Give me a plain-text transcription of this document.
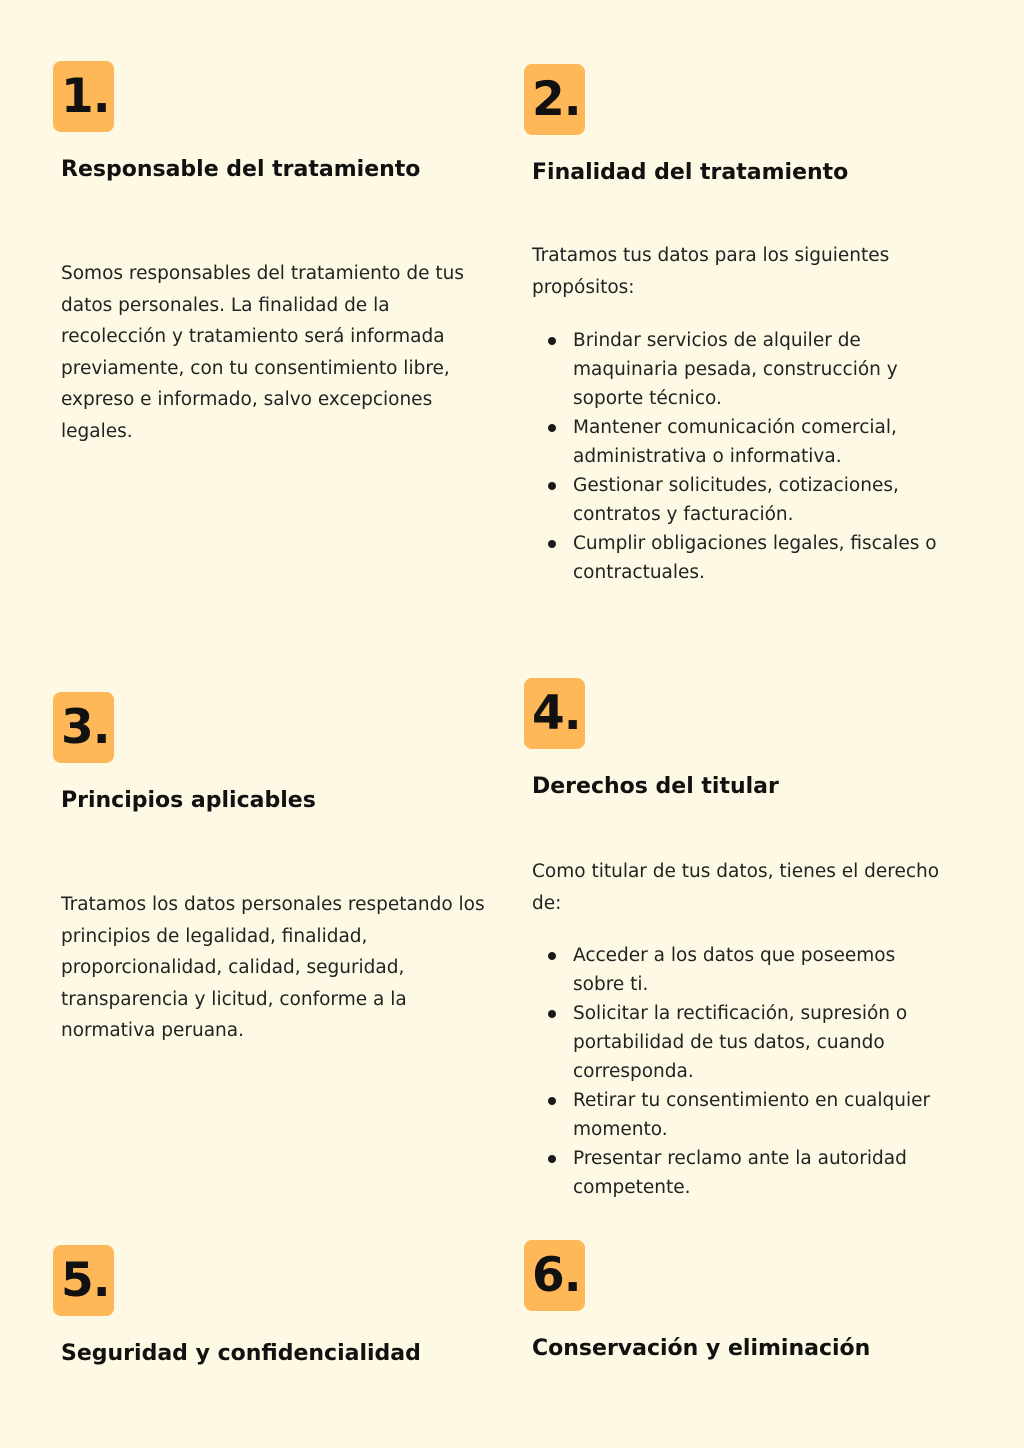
1.
Responsable del tratamiento

Somos responsables del tratamiento de tus datos personales. La finalidad de la recolección y tratamiento será informada previamente, con tu consentimiento libre, expreso e informado, salvo excepciones legales.

2.
Finalidad del tratamiento

Tratamos tus datos para los siguientes propósitos:

Brindar servicios de alquiler de maquinaria pesada, construcción y soporte técnico.
Mantener comunicación comercial, administrativa o informativa.
Gestionar solicitudes, cotizaciones, contratos y facturación.
Cumplir obligaciones legales, fiscales o contractuales.
3.
Principios aplicables

Tratamos los datos personales respetando los principios de legalidad, finalidad, proporcionalidad, calidad, seguridad, transparencia y licitud, conforme a la normativa peruana.

4.
Derechos del titular

Como titular de tus datos, tienes el derecho de:

Acceder a los datos que poseemos sobre ti.
Solicitar la rectificación, supresión o portabilidad de tus datos, cuando corresponda.
Retirar tu consentimiento en cualquier momento.
Presentar reclamo ante la autoridad competente.
5.
Seguridad y confidencialidad
6.
Conservación y eliminación
